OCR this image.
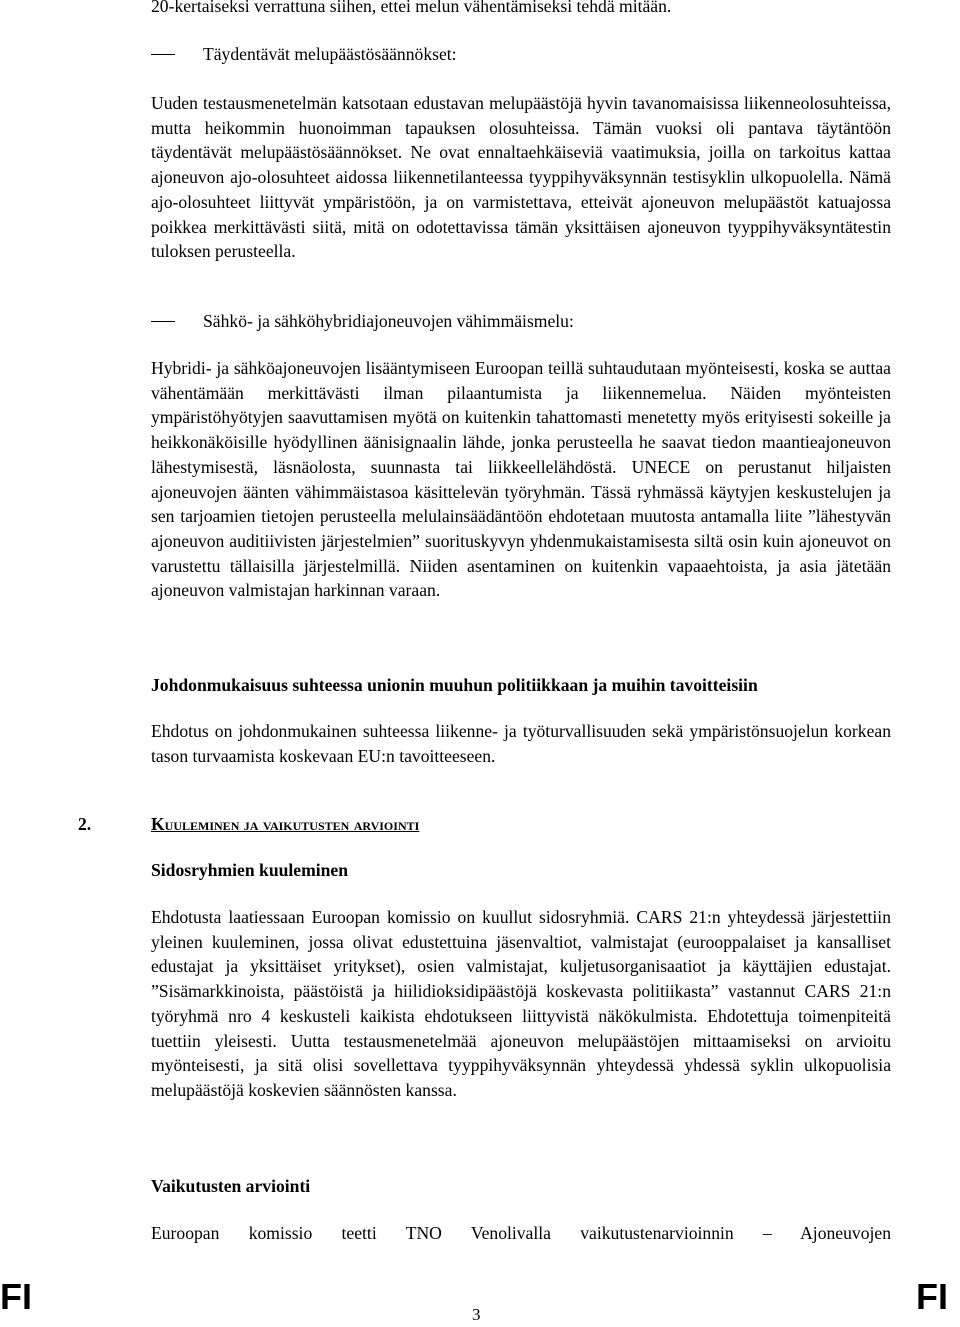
20-kertaiseksi verrattuna siihen, ettei melun vähentämiseksi tehdä mitään.

Täydentävät melupäästösäännökset:

Uuden testausmenetelmän katsotaan edustavan melupäästöjä hyvin tavanomaisissa liikenneolosuhteissa, mutta heikommin huonoimman tapauksen olosuhteissa. Tämän vuoksi oli pantava täytäntöön täydentävät melupäästösäännökset. Ne ovat ennaltaehkäiseviä vaatimuksia, joilla on tarkoitus kattaa ajoneuvon ajo-olosuhteet aidossa liikennetilanteessa tyyppihyväksynnän testisyklin ulkopuolella. Nämä ajo-olosuhteet liittyvät ympäristöön, ja on varmistettava, etteivät ajoneuvon melupäästöt katuajossa poikkea merkittävästi siitä, mitä on odotettavissa tämän yksittäisen ajoneuvon tyyppihyväksyntätestin tuloksen perusteella.

Sähkö- ja sähköhybridiajoneuvojen vähimmäismelu:

Hybridi- ja sähköajoneuvojen lisääntymiseen Euroopan teillä suhtaudutaan myönteisesti, koska se auttaa vähentämään merkittävästi ilman pilaantumista ja liikennemelua. Näiden myönteisten ympäristöhyötyjen saavuttamisen myötä on kuitenkin tahattomasti menetetty myös erityisesti sokeille ja heikkonäköisille hyödyllinen äänisignaalin lähde, jonka perusteella he saavat tiedon maantieajoneuvon lähestymisestä, läsnäolosta, suunnasta tai liikkeellelähdöstä. UNECE on perustanut hiljaisten ajoneuvojen äänten vähimmäistasoa käsittelevän työryhmän. Tässä ryhmässä käytyjen keskustelujen ja sen tarjoamien tietojen perusteella melulainsäädäntöön ehdotetaan muutosta antamalla liite ”lähestyvän ajoneuvon auditiivisten järjestelmien” suorituskyvyn yhdenmukaistamisesta siltä osin kuin ajoneuvot on varustettu tällaisilla järjestelmillä. Niiden asentaminen on kuitenkin vapaaehtoista, ja asia jätetään ajoneuvon valmistajan harkinnan varaan.

Johdonmukaisuus suhteessa unionin muuhun politiikkaan ja muihin tavoitteisiin

Ehdotus on johdonmukainen suhteessa liikenne- ja työturvallisuuden sekä ympäristönsuojelun korkean tason turvaamista koskevaan EU:n tavoitteeseen.

2.	Kuuleminen ja vaikutusten arviointi

Sidosryhmien kuuleminen

Ehdotusta laatiessaan Euroopan komissio on kuullut sidosryhmiä. CARS 21:n yhteydessä järjestettiin yleinen kuuleminen, jossa olivat edustettuina jäsenvaltiot, valmistajat (eurooppalaiset ja kansalliset edustajat ja yksittäiset yritykset), osien valmistajat, kuljetusorganisaatiot ja käyttäjien edustajat. ”Sisämarkkinoista, päästöistä ja hiilidioksidipäästöjä koskevasta politiikasta” vastannut CARS 21:n työryhmä nro 4 keskusteli kaikista ehdotukseen liittyvistä näkökulmista. Ehdotettuja toimenpiteitä tuettiin yleisesti. Uutta testausmenetelmää ajoneuvon melupäästöjen mittaamiseksi on arvioitu myönteisesti, ja sitä olisi sovellettava tyyppihyväksynnän yhteydessä yhdessä syklin ulkopuolisia melupäästöjä koskevien säännösten kanssa.

Vaikutusten arviointi

Euroopan komissio teetti TNO Venolivalla vaikutustenarvioinnin – Ajoneuvojen

FI	3	FI
